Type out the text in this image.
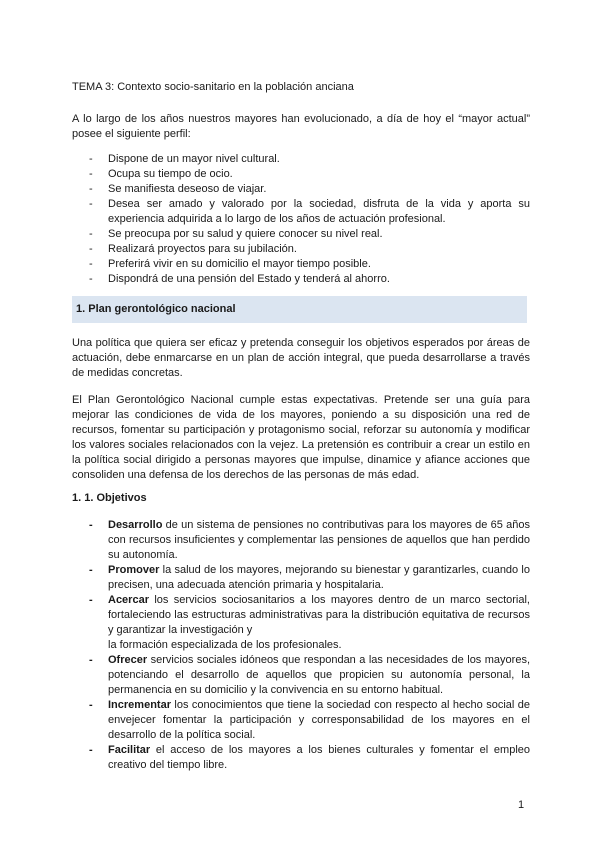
TEMA 3: Contexto socio-sanitario en la población anciana

A lo largo de los años nuestros mayores han evolucionado, a día de hoy el “mayor actual” posee el siguiente perfil:

- Dispone de un mayor nivel cultural.
- Ocupa su tiempo de ocio.
- Se manifiesta deseoso de viajar.
- Desea ser amado y valorado por la sociedad, disfruta de la vida y aporta su experiencia adquirida a lo largo de los años de actuación profesional.
- Se preocupa por su salud y quiere conocer su nivel real.
- Realizará proyectos para su jubilación.
- Preferirá vivir en su domicilio el mayor tiempo posible.
- Dispondrá de una pensión del Estado y tenderá al ahorro.
1. Plan gerontológico nacional

Una política que quiera ser eficaz y pretenda conseguir los objetivos esperados por áreas de actuación, debe enmarcarse en un plan de acción integral, que pueda desarrollarse a través de medidas concretas.

El Plan Gerontológico Nacional cumple estas expectativas. Pretende ser una guía para mejorar las condiciones de vida de los mayores, poniendo a su disposición una red de recursos, fomentar su participación y protagonismo social, reforzar su autonomía y modificar los valores sociales relacionados con la vejez. La pretensión es contribuir a crear un estilo en la política social dirigido a personas mayores que impulse, dinamice y afiance acciones que consoliden una defensa de los derechos de las personas de más edad.

1. 1. Objetivos
- Desarrollo de un sistema de pensiones no contributivas para los mayores de 65 años con recursos insuficientes y complementar las pensiones de aquellos que han perdido su autonomía.
- Promover la salud de los mayores, mejorando su bienestar y garantizarles, cuando lo precisen, una adecuada atención primaria y hospitalaria.
- Acercar los servicios sociosanitarios a los mayores dentro de un marco sectorial, fortaleciendo las estructuras administrativas para la distribución equitativa de recursos y garantizar la investigación y
la formación especializada de los profesionales.
- Ofrecer servicios sociales idóneos que respondan a las necesidades de los mayores, potenciando el desarrollo de aquellos que propicien su autonomía personal, la permanencia en su domicilio y la convivencia en su entorno habitual.
- Incrementar los conocimientos que tiene la sociedad con respecto al hecho social de envejecer fomentar la participación y corresponsabilidad de los mayores en el desarrollo de la política social.
- Facilitar el acceso de los mayores a los bienes culturales y fomentar el empleo creativo del tiempo libre.
1
